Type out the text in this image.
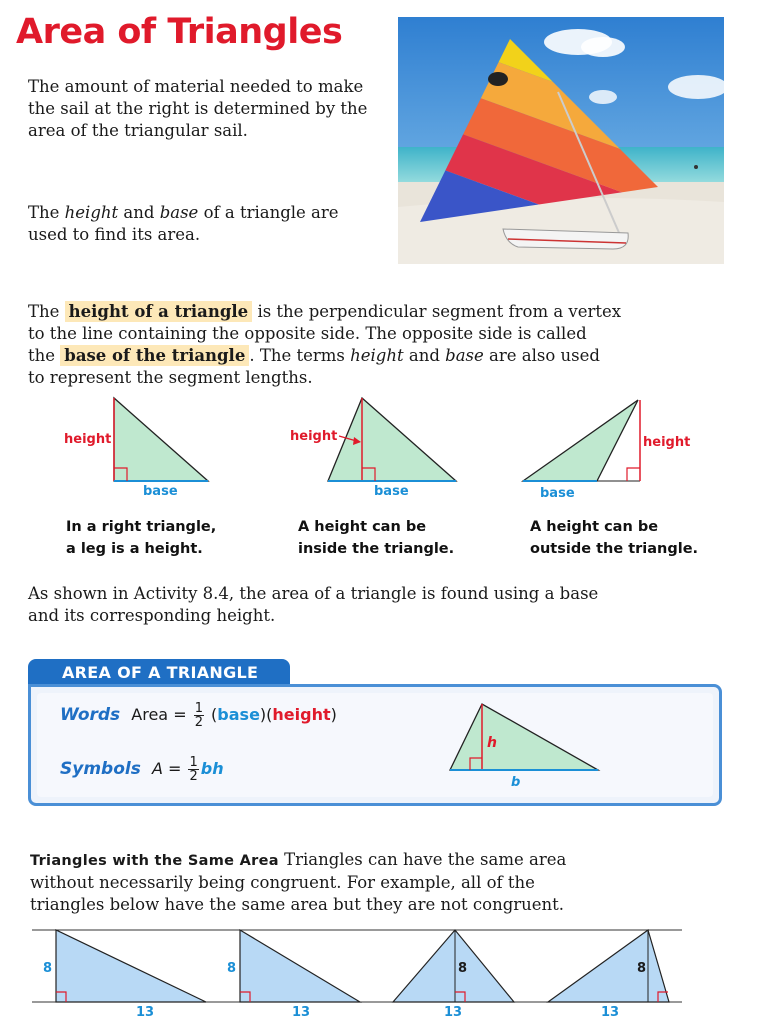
Area of Triangles
The amount of material needed to make the sail at the right is determined by the area of the triangular sail.
The height and base of a triangle are used to find its area.
The height of a triangle is the perpendicular segment from a vertex
to the line containing the opposite side. The opposite side is called
the base of the triangle . The terms height and base are also used
to represent the segment lengths.
height
base
height
base
height
base
In a right triangle,
a leg is a height.
A height can be
inside the triangle.
A height can be
outside the triangle.
As shown in Activity 8.4, the area of a triangle is found using a base
and its corresponding height.
AREA OF A TRIANGLE
Words Area = $\frac{1}{2}$ (base)(height)
Symbols $A = \frac{1}{2}$ bh
h
b
Triangles with the Same Area Triangles can have the same area
without necessarily being congruent. For example, all of the
triangles below have the same area but they are not congruent.
8
13
8
13
8
13
8
13
